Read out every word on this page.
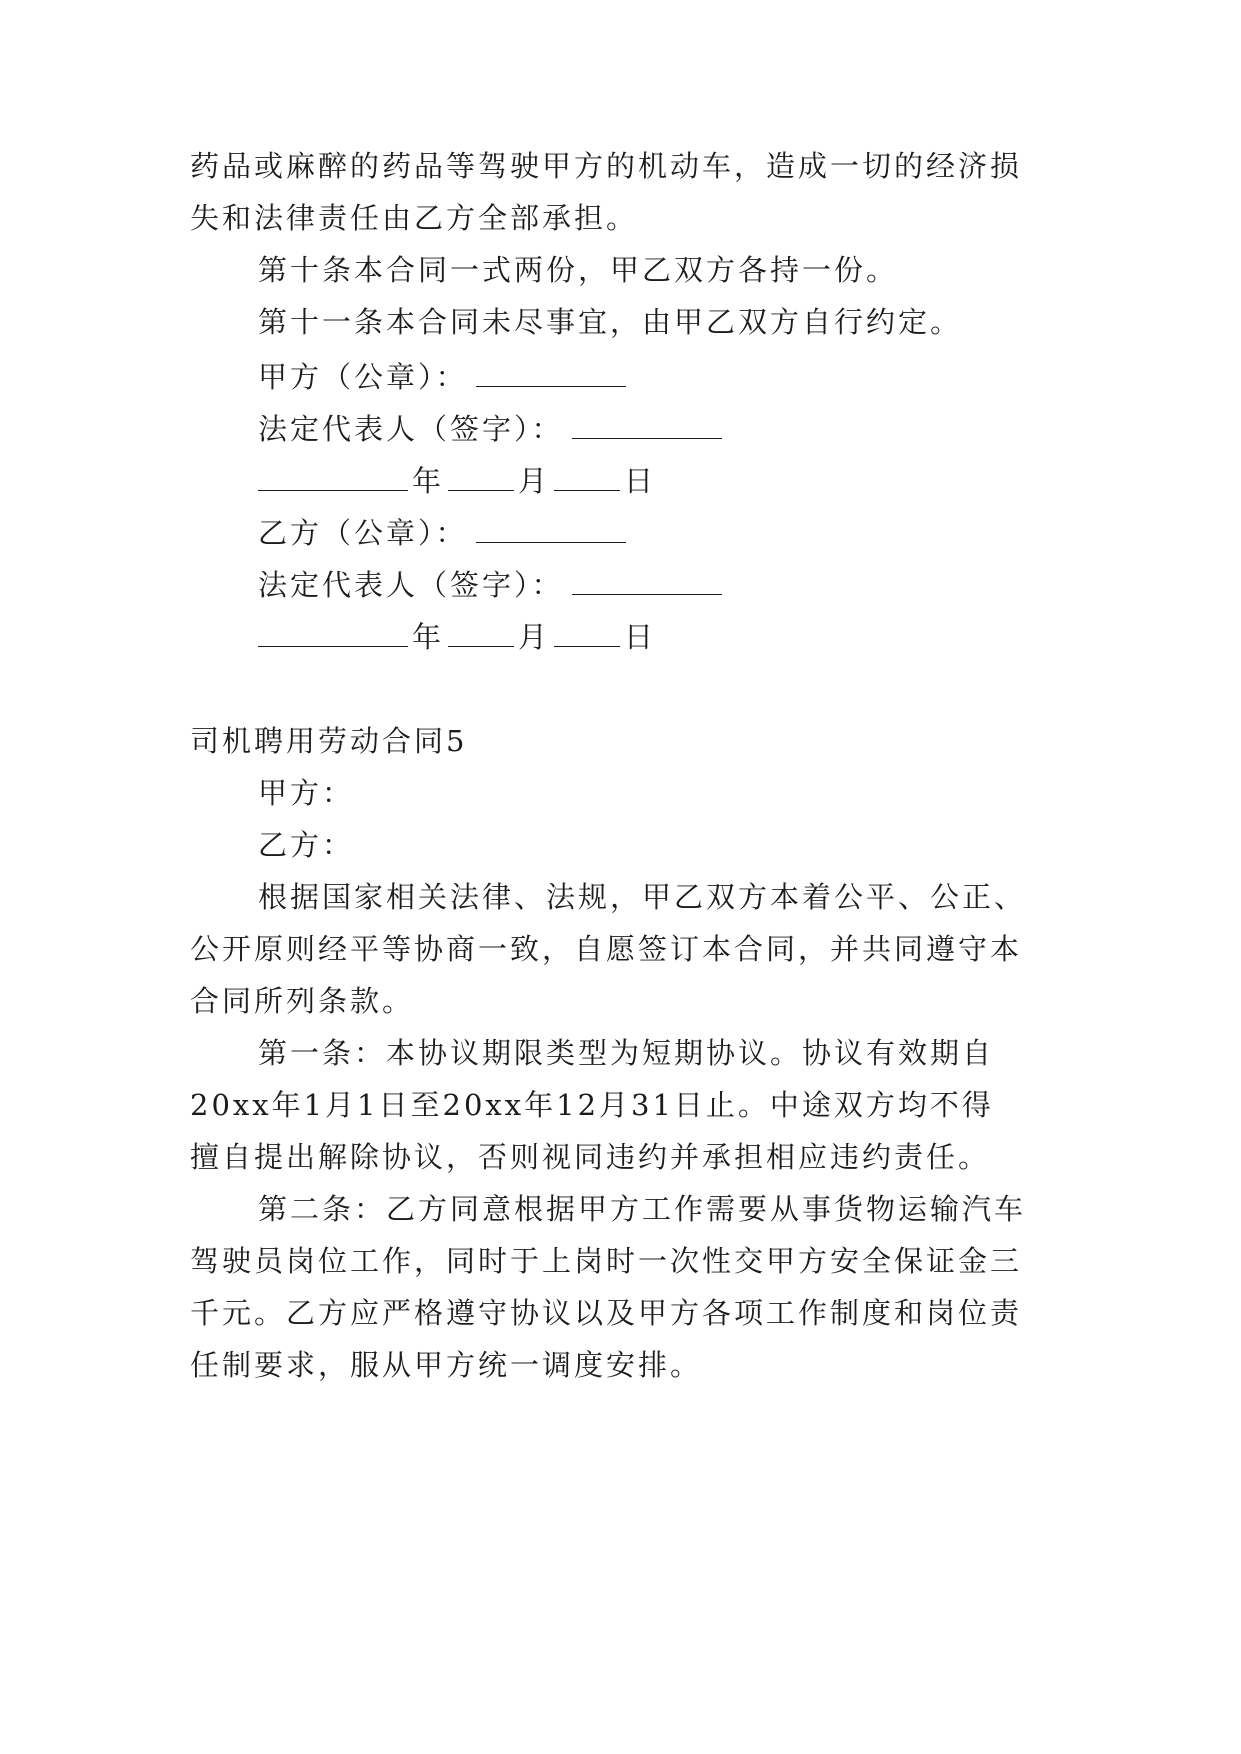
药品或麻醉的药品等驾驶甲方的机动车，造成一切的经济损
失和法律责任由乙方全部承担。
第十条本合同一式两份，甲乙双方各持一份。
第十一条本合同未尽事宜，由甲乙双方自行约定。
甲方（公章）：
法定代表人（签字）：
年	月	日
乙方（公章）：
法定代表人（签字）：
年	月	日
司机聘用劳动合同5
甲方：
乙方：
根据国家相关法律、法规，甲乙双方本着公平、公正、
公开原则经平等协商一致，自愿签订本合同，并共同遵守本
合同所列条款。
第一条：本协议期限类型为短期协议。协议有效期自
20xx年1月1日至20xx年12月31日止。中途双方均不得
擅自提出解除协议，否则视同违约并承担相应违约责任。
第二条：乙方同意根据甲方工作需要从事货物运输汽车
驾驶员岗位工作，同时于上岗时一次性交甲方安全保证金三
千元。乙方应严格遵守协议以及甲方各项工作制度和岗位责
任制要求，服从甲方统一调度安排。
